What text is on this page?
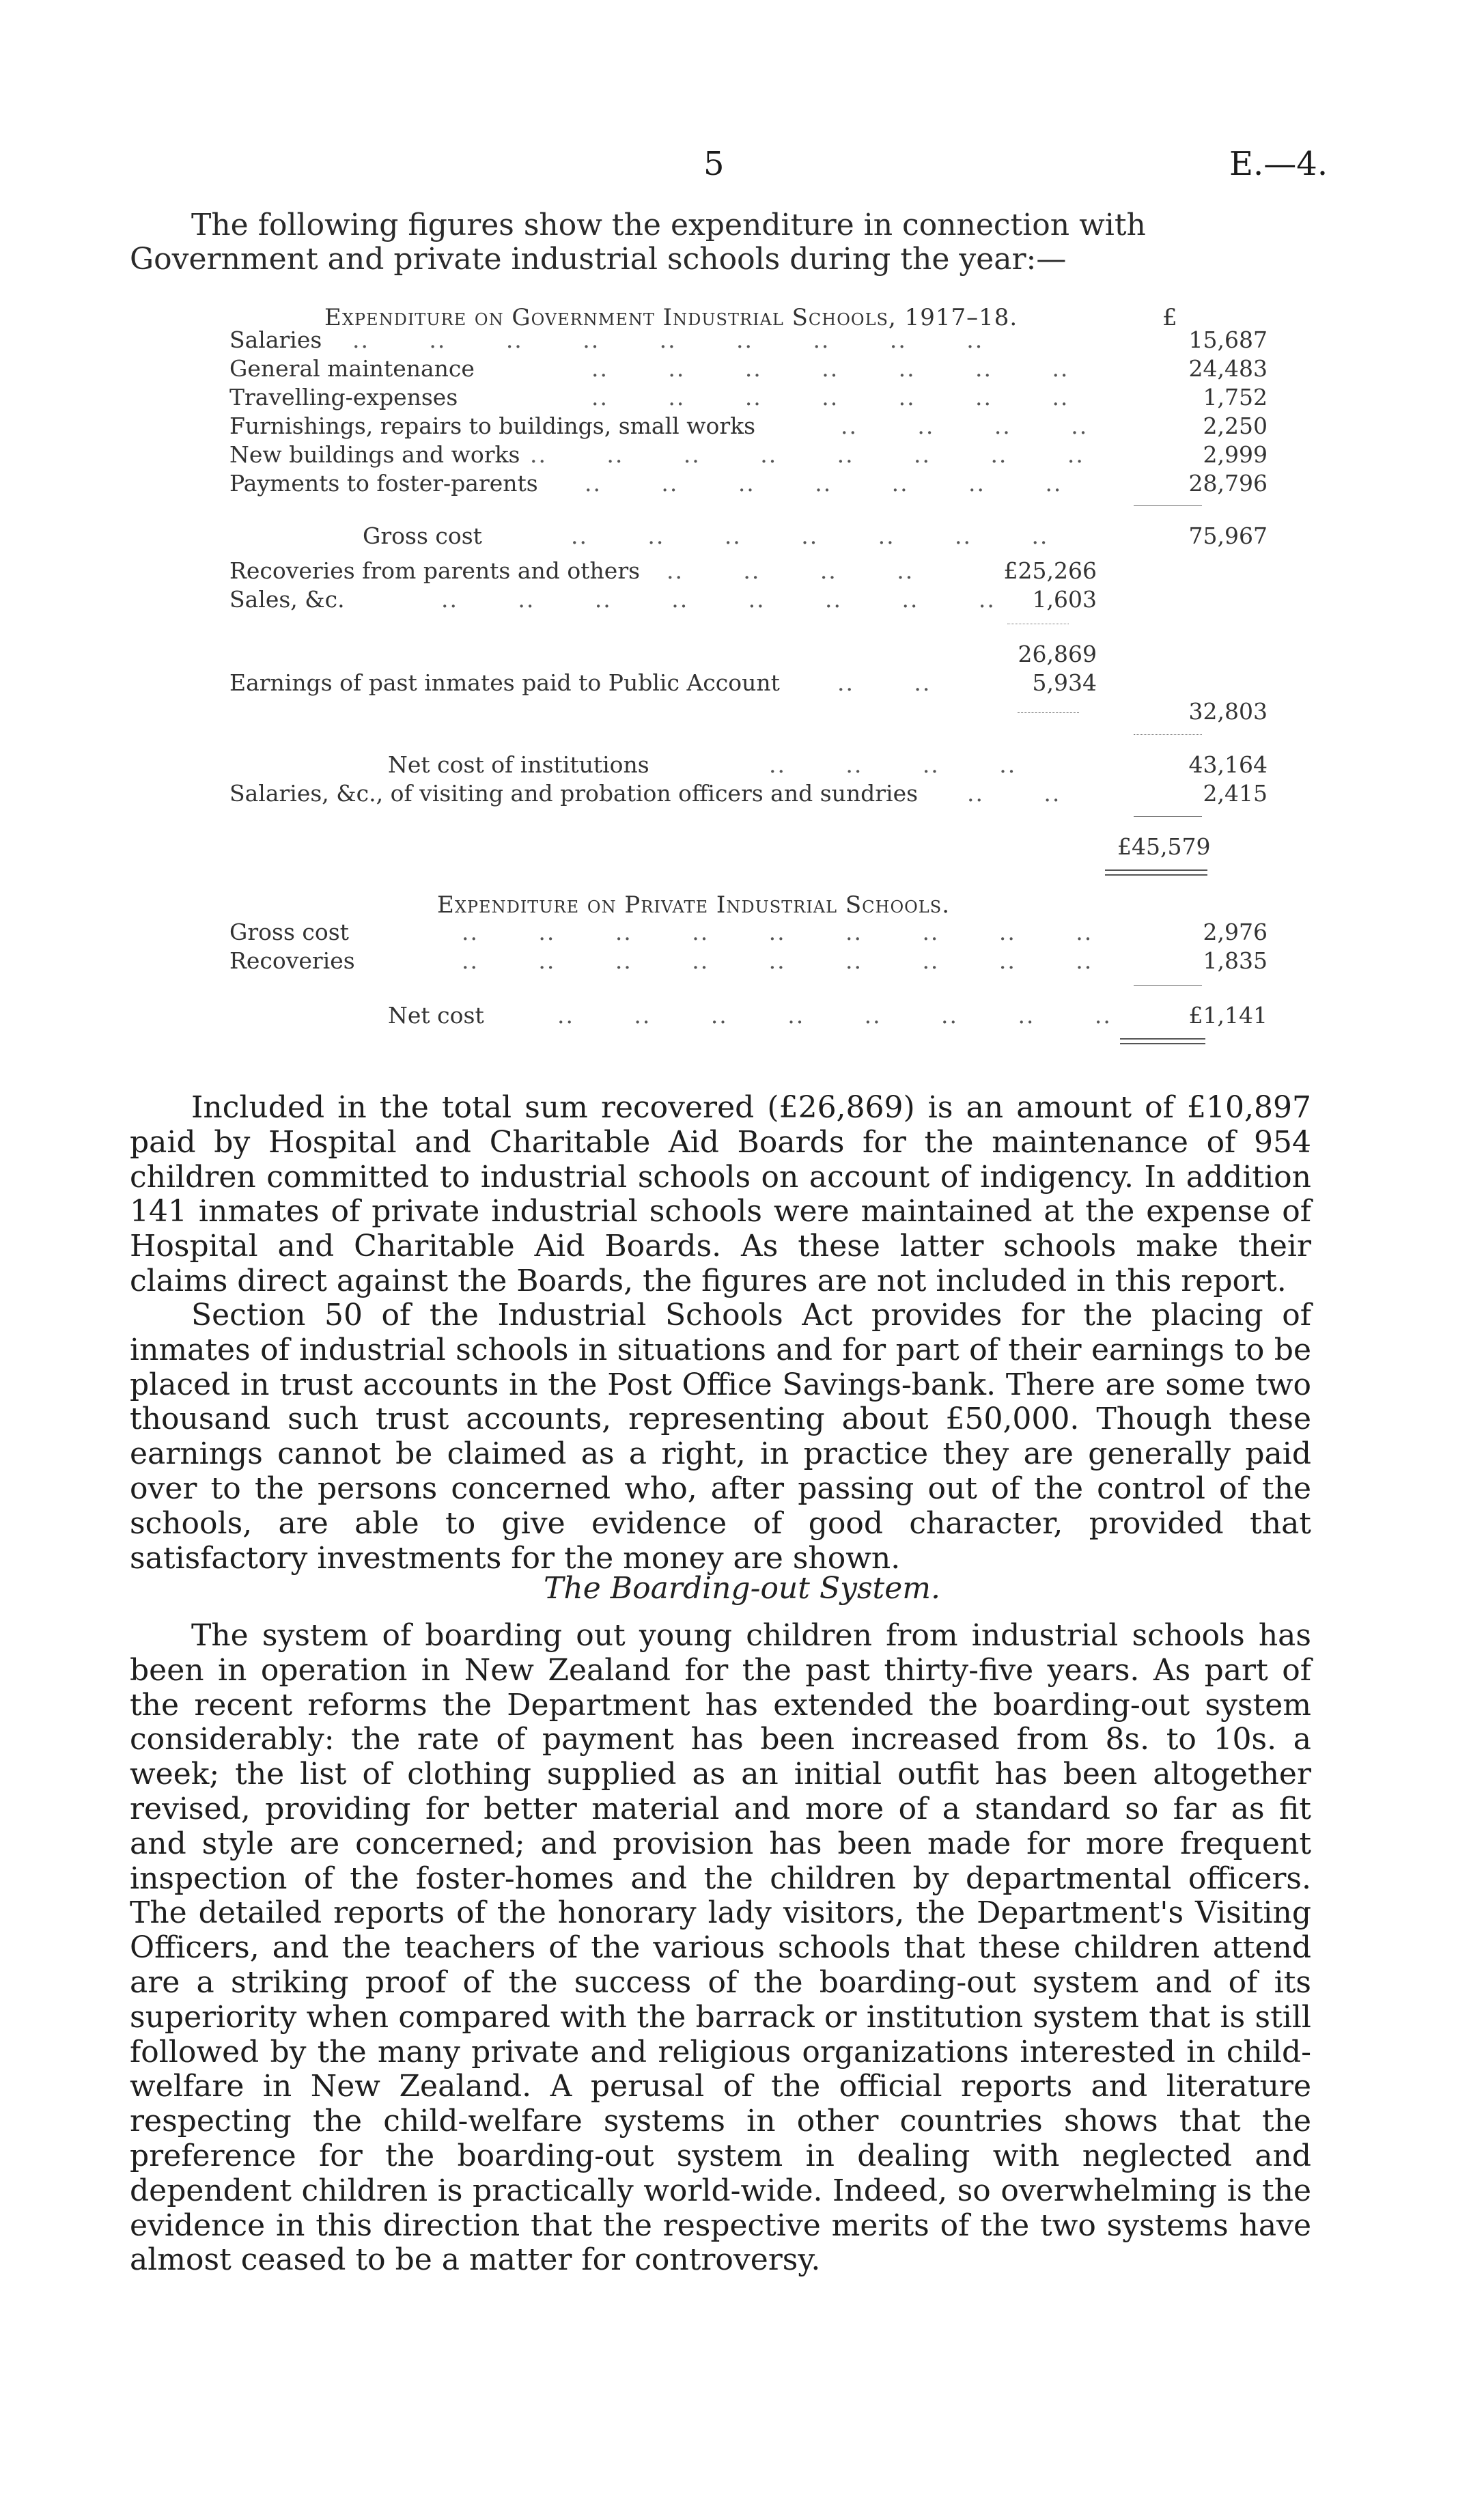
5	E.—4.

The following figures show the expenditure in connection with Government and private industrial schools during the year:—

Expenditure on Government Industrial Schools, 1917–18.	£
Salaries ..       ..       ..       ..       ..       ..       ..       ..       ..	15,687
General maintenance	..       ..       ..       ..       ..       ..       ..	24,483
Travelling-expenses	..       ..       ..       ..       ..       ..       ..	1,752
Furnishings, repairs to buildings, small works	..       ..       ..       ..	2,250
New buildings and works ..       ..       ..       ..       ..       ..       ..       ..	2,999
Payments to foster-parents ..       ..       ..       ..       ..       ..       ..	28,796
Gross cost	..       ..       ..       ..       ..       ..       ..	75,967
Recoveries from parents and others ..       ..       ..       ..	£25,266
Sales, &c.	..       ..       ..       ..       ..       ..       ..       ..	1,603
26,869
Earnings of past inmates paid to Public Account	..       ..	5,934
32,803
Net cost of institutions	..       ..       ..       ..	43,164
Salaries, &c., of visiting and probation officers and sundries ..       ..	2,415
£45,579
Expenditure on Private Industrial Schools.
Gross cost	..       ..       ..       ..       ..       ..       ..       ..       ..	2,976
Recoveries	..       ..       ..       ..       ..       ..       ..       ..       ..	1,835
Net cost	..       ..       ..       ..       ..       ..       ..       ..	£1,141

Included in the total sum recovered (£26,869) is an amount of £10,897 paid by Hospital and Charitable Aid Boards for the maintenance of 954 children committed to industrial schools on account of indigency. In addition 141 inmates of private industrial schools were maintained at the expense of Hospital and Charitable Aid Boards. As these latter schools make their claims direct against the Boards, the figures are not included in this report.

Section 50 of the Industrial Schools Act provides for the placing of inmates of industrial schools in situations and for part of their earnings to be placed in trust accounts in the Post Office Savings-bank. There are some two thousand such trust accounts, representing about £50,000. Though these earnings cannot be claimed as a right, in practice they are generally paid over to the persons concerned who, after passing out of the control of the schools, are able to give evidence of good character, provided that satisfactory investments for the money are shown.

The Boarding-out System.

The system of boarding out young children from industrial schools has been in operation in New Zealand for the past thirty-five years. As part of the recent reforms the Department has extended the boarding-out system considerably: the rate of payment has been increased from 8s. to 10s. a week; the list of clothing supplied as an initial outfit has been altogether revised, providing for better material and more of a standard so far as fit and style are concerned; and provision has been made for more frequent inspection of the foster-homes and the children by departmental officers. The detailed reports of the honorary lady visitors, the Department's Visiting Officers, and the teachers of the various schools that these children attend are a striking proof of the success of the boarding-out system and of its superiority when compared with the barrack or institution system that is still followed by the many private and religious organizations interested in child-welfare in New Zealand. A perusal of the official reports and literature respecting the child-welfare systems in other countries shows that the preference for the boarding-out system in dealing with neglected and dependent children is practically world-wide. Indeed, so overwhelming is the evidence in this direction that the respective merits of the two systems have almost ceased to be a matter for controversy.
